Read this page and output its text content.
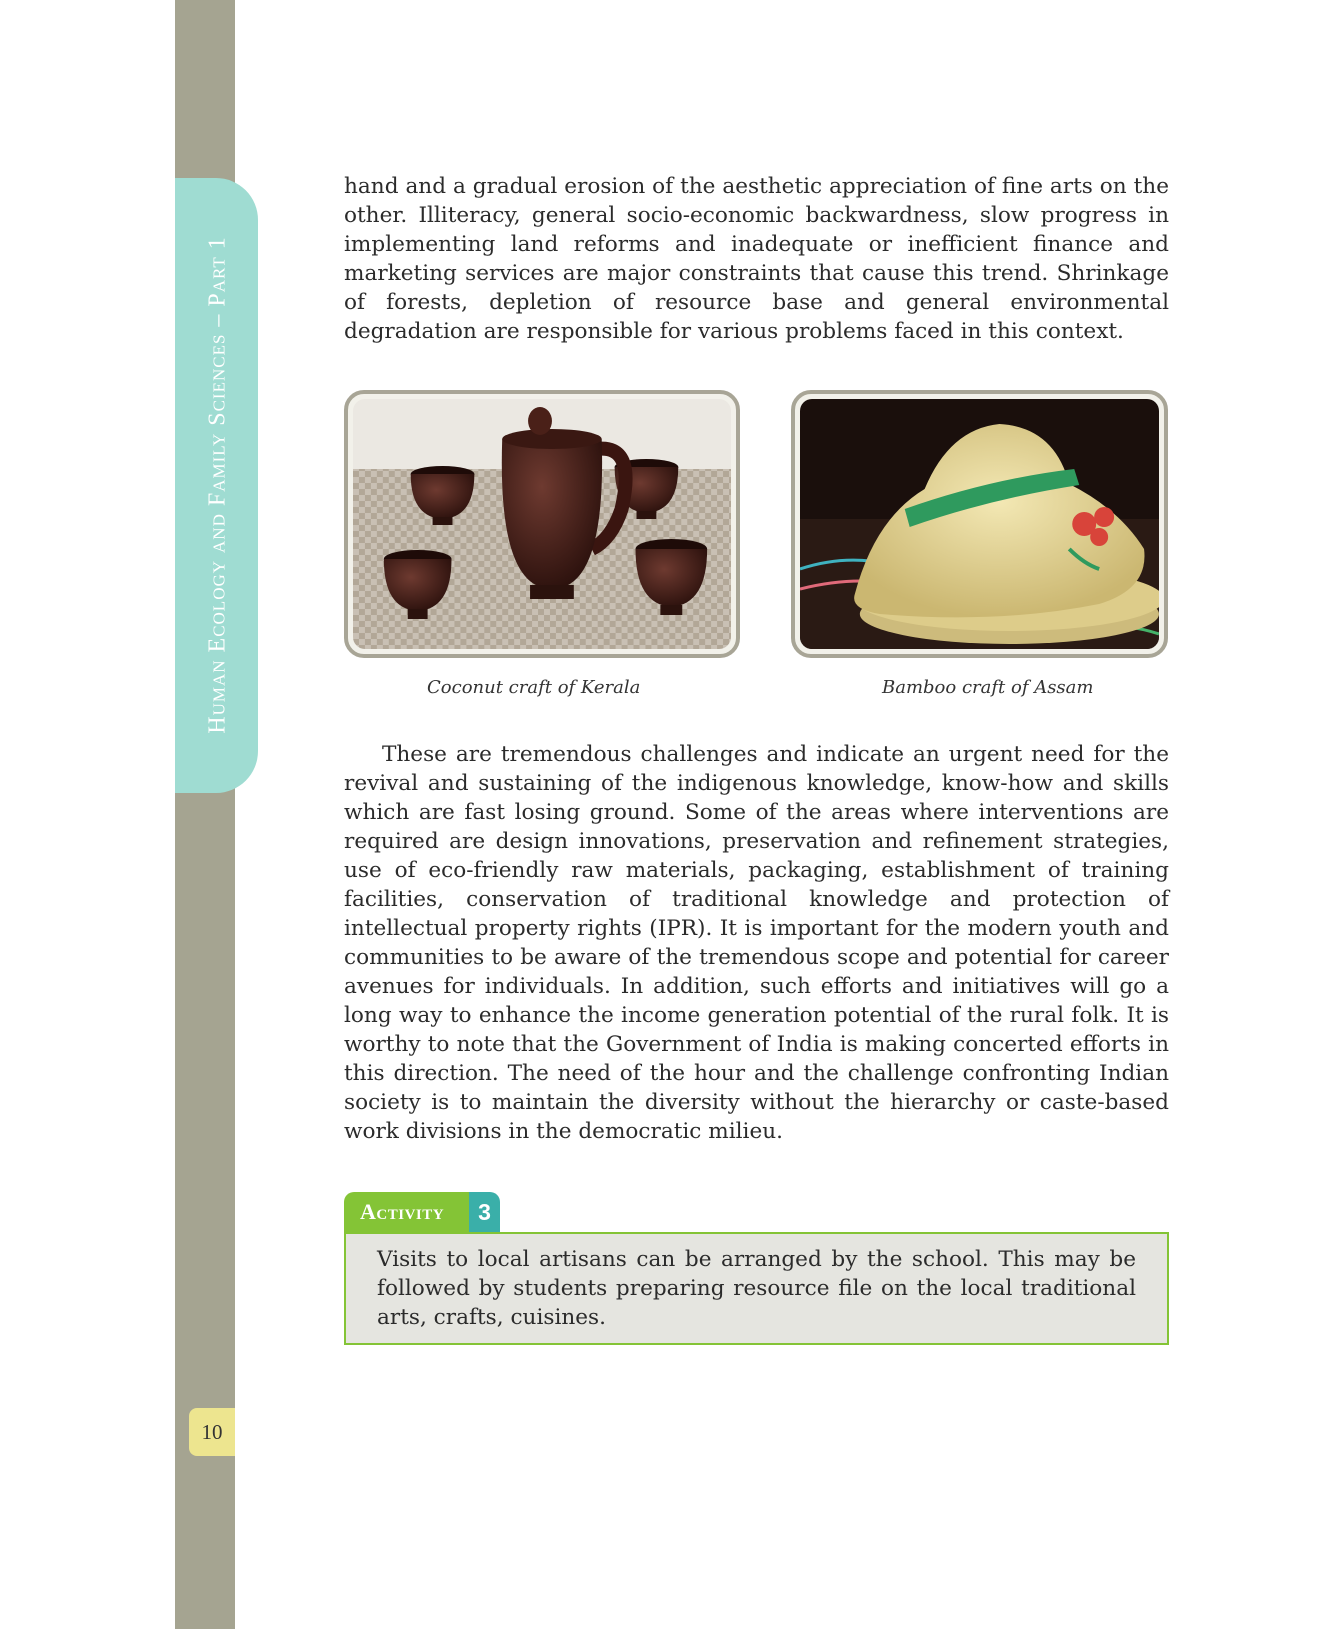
Human Ecology and Family Sciences – Part 1
10

hand and a gradual erosion of the aesthetic appreciation of fine arts on the other. Illiteracy, general socio-economic backwardness, slow progress in implementing land reforms and inadequate or inefficient finance and marketing services are major constraints that cause this trend. Shrinkage of forests, depletion of resource base and general environmental degradation are responsible for various problems faced in this context.

Coconut craft of Kerala	Bamboo craft of Assam

These are tremendous challenges and indicate an urgent need for the revival and sustaining of the indigenous knowledge, know-how and skills which are fast losing ground. Some of the areas where interventions are required are design innovations, preservation and refinement strategies, use of eco-friendly raw materials, packaging, establishment of training facilities, conservation of traditional knowledge and protection of intellectual property rights (IPR). It is important for the modern youth and communities to be aware of the tremendous scope and potential for career avenues for individuals. In addition, such efforts and initiatives will go a long way to enhance the income generation potential of the rural folk. It is worthy to note that the Government of India is making concerted efforts in this direction. The need of the hour and the challenge confronting Indian society is to maintain the diversity without the hierarchy or caste-based work divisions in the democratic milieu.

Activity	3

Visits to local artisans can be arranged by the school. This may be followed by students preparing resource file on the local traditional arts, crafts, cuisines.
